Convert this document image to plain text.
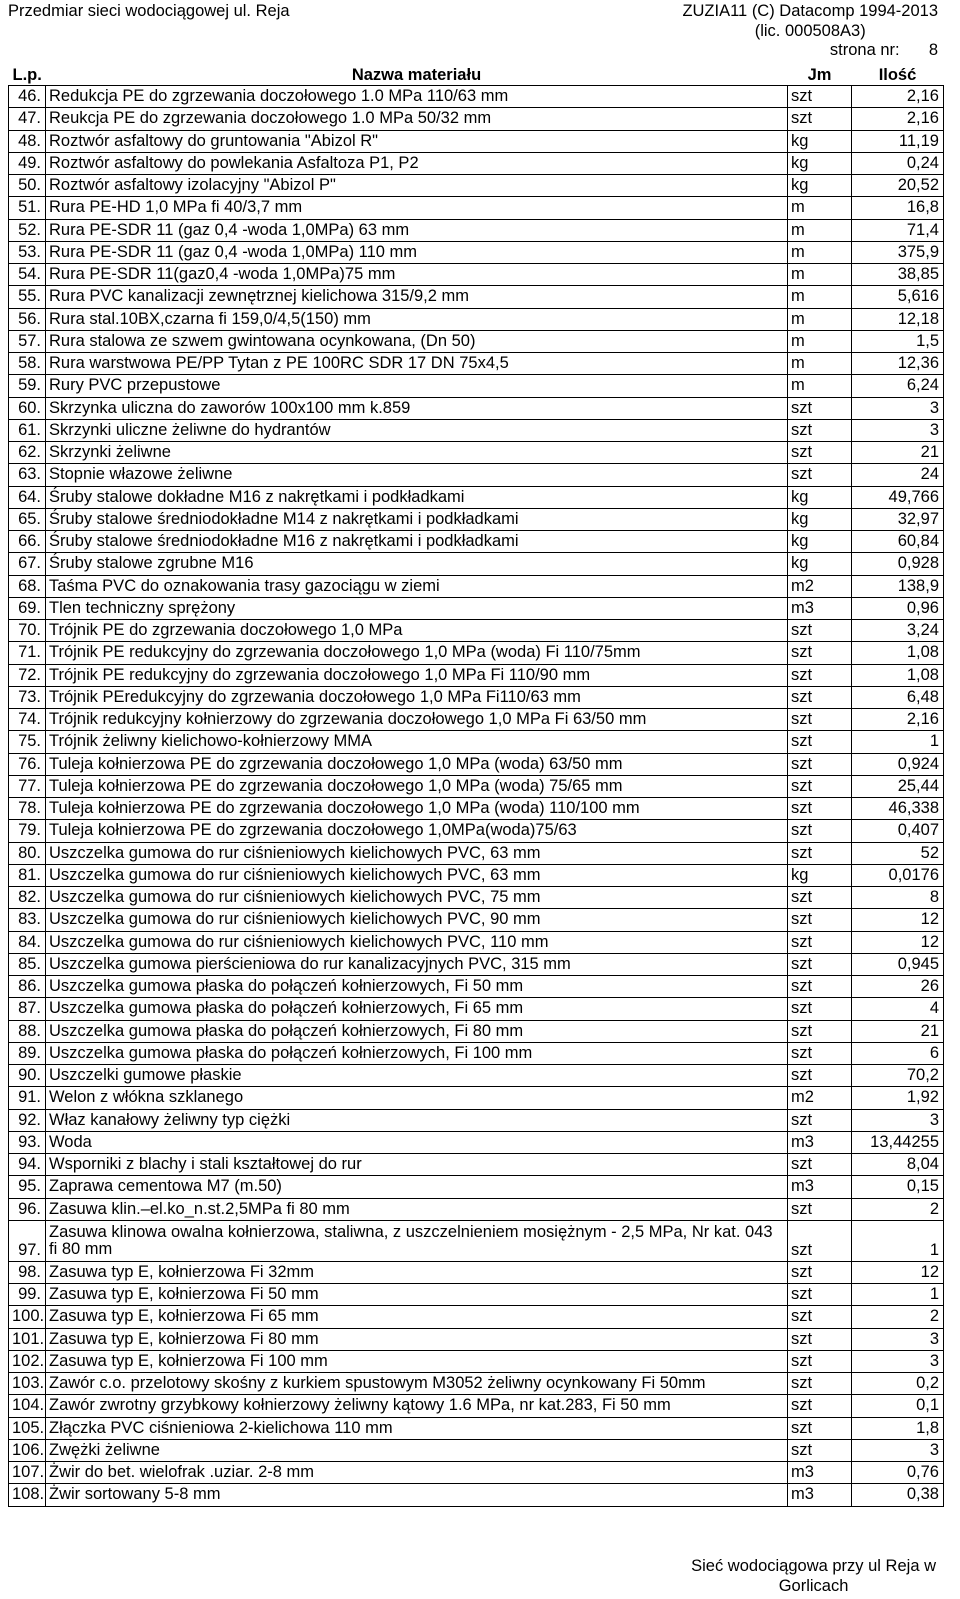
Przedmiar sieci wodociągowej ul. Reja	ZUZIA11 (C) Datacomp 1994-2013
(lic. 000508A3)
strona nr: 8
L.p.	Nazwa materiału	Jm	Ilość
46.	Redukcja PE do zgrzewania doczołowego 1.0 MPa 110/63 mm	szt	2,16
47.	Reukcja PE do zgrzewania doczołowego 1.0 MPa 50/32 mm	szt	2,16
48.	Roztwór asfaltowy do gruntowania "Abizol R"	kg	11,19
49.	Roztwór asfaltowy do powlekania Asfaltoza P1, P2	kg	0,24
50.	Roztwór asfaltowy izolacyjny "Abizol P"	kg	20,52
51.	Rura PE-HD 1,0 MPa fi 40/3,7 mm	m	16,8
52.	Rura PE-SDR 11 (gaz 0,4 -woda 1,0MPa) 63 mm	m	71,4
53.	Rura PE-SDR 11 (gaz 0,4 -woda 1,0MPa) 110 mm	m	375,9
54.	Rura PE-SDR 11(gaz0,4 -woda 1,0MPa)75 mm	m	38,85
55.	Rura PVC kanalizacji zewnętrznej kielichowa 315/9,2 mm	m	5,616
56.	Rura stal.10BX,czarna fi 159,0/4,5(150) mm	m	12,18
57.	Rura stalowa ze szwem gwintowana ocynkowana, (Dn 50)	m	1,5
58.	Rura warstwowa PE/PP Tytan z PE 100RC SDR 17 DN 75x4,5	m	12,36
59.	Rury PVC przepustowe	m	6,24
60.	Skrzynka uliczna do zaworów 100x100 mm k.859	szt	3
61.	Skrzynki uliczne żeliwne do hydrantów	szt	3
62.	Skrzynki żeliwne	szt	21
63.	Stopnie włazowe żeliwne	szt	24
64.	Śruby stalowe dokładne M16 z nakrętkami i podkładkami	kg	49,766
65.	Śruby stalowe średniodokładne M14 z nakrętkami i podkładkami	kg	32,97
66.	Śruby stalowe średniodokładne M16 z nakrętkami i podkładkami	kg	60,84
67.	Śruby stalowe zgrubne M16	kg	0,928
68.	Taśma PVC do oznakowania trasy gazociągu w ziemi	m2	138,9
69.	Tlen techniczny sprężony	m3	0,96
70.	Trójnik PE do zgrzewania doczołowego 1,0 MPa	szt	3,24
71.	Trójnik PE redukcyjny do zgrzewania doczołowego 1,0 MPa (woda) Fi 110/75mm	szt	1,08
72.	Trójnik PE redukcyjny do zgrzewania doczołowego 1,0 MPa Fi 110/90 mm	szt	1,08
73.	Trójnik PEredukcyjny do zgrzewania doczołowego 1,0 MPa Fi110/63 mm	szt	6,48
74.	Trójnik redukcyjny kołnierzowy do zgrzewania doczołowego 1,0 MPa Fi 63/50 mm	szt	2,16
75.	Trójnik żeliwny kielichowo-kołnierzowy MMA	szt	1
76.	Tuleja kołnierzowa PE do zgrzewania doczołowego 1,0 MPa (woda) 63/50 mm	szt	0,924
77.	Tuleja kołnierzowa PE do zgrzewania doczołowego 1,0 MPa (woda) 75/65 mm	szt	25,44
78.	Tuleja kołnierzowa PE do zgrzewania doczołowego 1,0 MPa (woda) 110/100 mm	szt	46,338
79.	Tuleja kołnierzowa PE do zgrzewania doczołowego 1,0MPa(woda)75/63	szt	0,407
80.	Uszczelka gumowa do rur ciśnieniowych kielichowych PVC, 63 mm	szt	52
81.	Uszczelka gumowa do rur ciśnieniowych kielichowych PVC, 63 mm	kg	0,0176
82.	Uszczelka gumowa do rur ciśnieniowych kielichowych PVC, 75 mm	szt	8
83.	Uszczelka gumowa do rur ciśnieniowych kielichowych PVC, 90 mm	szt	12
84.	Uszczelka gumowa do rur ciśnieniowych kielichowych PVC, 110 mm	szt	12
85.	Uszczelka gumowa pierścieniowa do rur kanalizacyjnych PVC, 315 mm	szt	0,945
86.	Uszczelka gumowa płaska do połączeń kołnierzowych, Fi 50 mm	szt	26
87.	Uszczelka gumowa płaska do połączeń kołnierzowych, Fi 65 mm	szt	4
88.	Uszczelka gumowa płaska do połączeń kołnierzowych, Fi 80 mm	szt	21
89.	Uszczelka gumowa płaska do połączeń kołnierzowych, Fi 100 mm	szt	6
90.	Uszczelki gumowe płaskie	szt	70,2
91.	Welon z włókna szklanego	m2	1,92
92.	Właz kanałowy żeliwny typ ciężki	szt	3
93.	Woda	m3	13,44255
94.	Wsporniki z blachy i stali kształtowej do rur	szt	8,04
95.	Zaprawa cementowa M7 (m.50)	m3	0,15
96.	Zasuwa klin.–el.ko_n.st.2,5MPa fi 80 mm	szt	2
97.	Zasuwa klinowa owalna kołnierzowa, staliwna, z uszczelnieniem mosiężnym - 2,5 MPa, Nr kat. 043 fi 80 mm	szt	1
98.	Zasuwa typ E, kołnierzowa Fi 32mm	szt	12
99.	Zasuwa typ E, kołnierzowa Fi 50 mm	szt	1
100.	Zasuwa typ E, kołnierzowa Fi 65 mm	szt	2
101.	Zasuwa typ E, kołnierzowa Fi 80 mm	szt	3
102.	Zasuwa typ E, kołnierzowa Fi 100 mm	szt	3
103.	Zawór c.o. przelotowy skośny z kurkiem spustowym M3052 żeliwny ocynkowany Fi 50mm	szt	0,2
104.	Zawór zwrotny grzybkowy kołnierzowy żeliwny kątowy 1.6 MPa, nr kat.283, Fi 50 mm	szt	0,1
105.	Złączka PVC ciśnieniowa 2-kielichowa 110 mm	szt	1,8
106.	Zwężki żeliwne	szt	3
107.	Żwir do bet. wielofrak .uziar. 2-8 mm	m3	0,76
108.	Żwir sortowany 5-8 mm	m3	0,38
Sieć wodociągowa przy ul Reja w
Gorlicach
